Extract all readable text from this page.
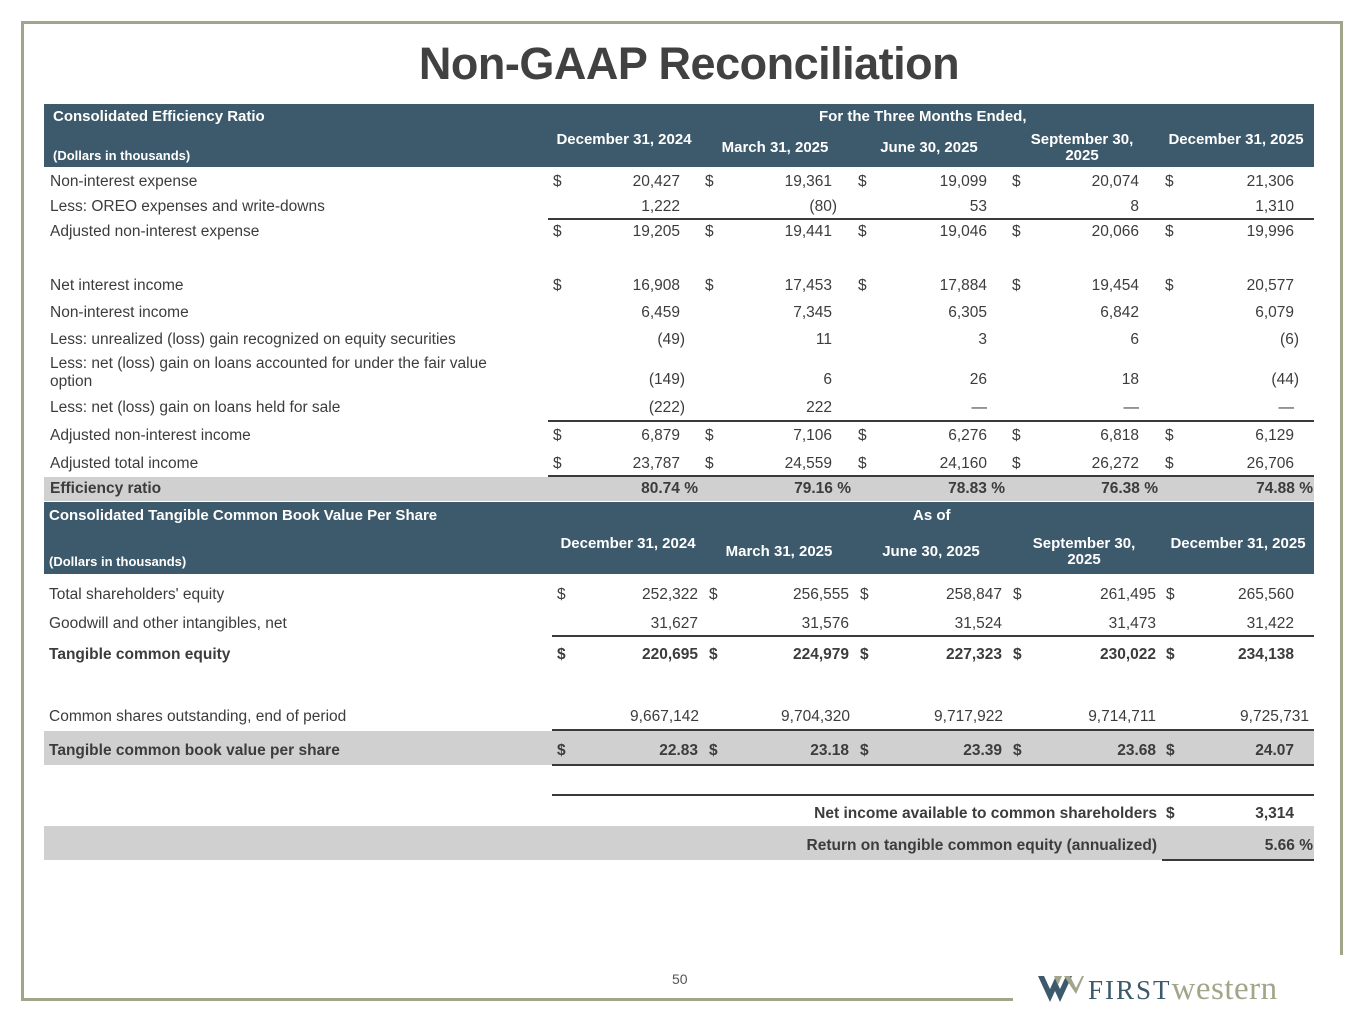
Non-GAAP Reconciliation
Consolidated Efficiency Ratio
(Dollars in thousands)
For the Three Months Ended,
December 31, 2024	March 31, 2025	June 30, 2025	September 30, 2025
December 31, 2025
Non-interest expense	$	20,427 $	19,361 $	19,099 $	20,074 $	21,306
Less: OREO expenses and write-downs	1,222	(80)	53	8	1,310
Adjusted non-interest expense	$	19,205 $	19,441 $	19,046 $	20,066 $	19,996
Net interest income	$	16,908 $	17,453 $	17,884 $	19,454 $	20,577
Non-interest income	6,459	7,345	6,305	6,842	6,079
Less: unrealized (loss) gain recognized on equity securities	(49)	11	3	6	(6)
Less: net (loss) gain on loans accounted for under the fair value option	(149)	6	26	18	(44)
Less: net (loss) gain on loans held for sale	(222)	222	—	—	—
Adjusted non-interest income	$	6,879 $	7,106 $	6,276 $	6,818 $	6,129
Adjusted total income	$	23,787 $	24,559 $	24,160 $	26,272 $	26,706
Efficiency ratio	80.74 %	79.16 %	78.83 %	76.38 %	74.88 %
Consolidated Tangible Common Book Value Per Share
(Dollars in thousands)
As of
December 31, 2024	March 31, 2025	June 30, 2025	September 30, 2025
December 31, 2025
Total shareholders' equity	$	252,322 $	256,555 $	258,847 $	261,495 $	265,560
Goodwill and other intangibles, net	31,627	31,576	31,524	31,473	31,422
Tangible common equity	$	220,695 $	224,979 $	227,323 $	230,022 $	234,138
Common shares outstanding, end of period	9,667,142	9,704,320	9,717,922	9,714,711	9,725,731
Tangible common book value per share	$	22.83 $	23.18 $	23.39 $	23.68 $	24.07
Net income available to common shareholders $	3,314
Return on tangible common equity (annualized)	5.66 %
50	FIRSTwestern
